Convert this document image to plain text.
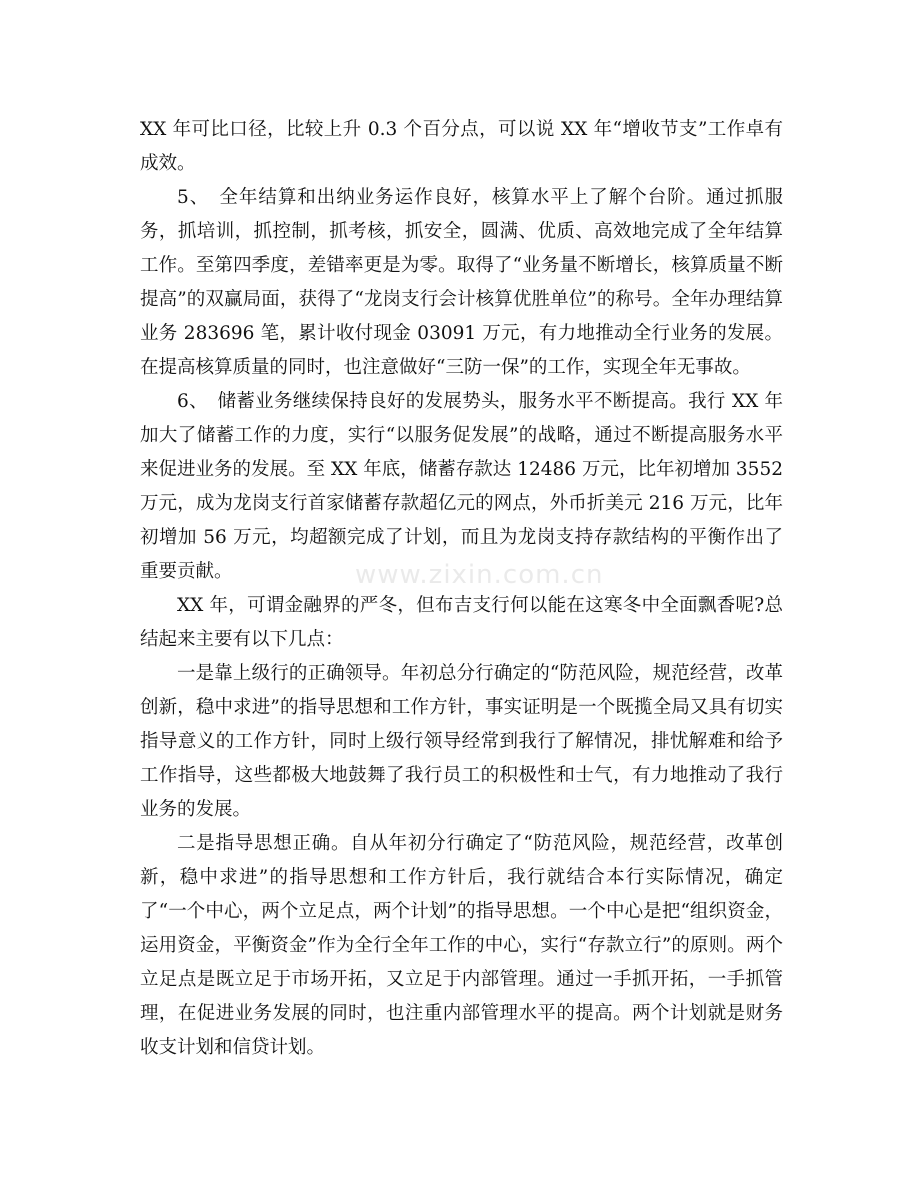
XX 年可比口径，比较上升 0.3 个百分点，可以说 XX 年“增收节支”工作卓有成效。

5、　全年结算和出纳业务运作良好，核算水平上了解个台阶。通过抓服务，抓培训，抓控制，抓考核，抓安全，圆满、优质、高效地完成了全年结算工作。至第四季度，差错率更是为零。取得了“业务量不断增长，核算质量不断提高”的双赢局面，获得了“龙岗支行会计核算优胜单位”的称号。全年办理结算业务 283696 笔，累计收付现金 03091 万元，有力地推动全行业务的发展。在提高核算质量的同时，也注意做好“三防一保”的工作，实现全年无事故。

6、　储蓄业务继续保持良好的发展势头，服务水平不断提高。我行 XX 年加大了储蓄工作的力度，实行“以服务促发展”的战略，通过不断提高服务水平来促进业务的发展。至 XX 年底，储蓄存款达 12486 万元，比年初增加 3552 万元，成为龙岗支行首家储蓄存款超亿元的网点，外币折美元 216 万元，比年初增加 56 万元，均超额完成了计划，而且为龙岗支持存款结构的平衡作出了重要贡献。

XX 年，可谓金融界的严冬，但布吉支行何以能在这寒冬中全面飘香呢?总结起来主要有以下几点：

一是靠上级行的正确领导。年初总分行确定的“防范风险，规范经营，改革创新，稳中求进”的指导思想和工作方针，事实证明是一个既揽全局又具有切实指导意义的工作方针，同时上级行领导经常到我行了解情况，排忧解难和给予工作指导，这些都极大地鼓舞了我行员工的积极性和士气，有力地推动了我行业务的发展。

二是指导思想正确。自从年初分行确定了“防范风险，规范经营，改革创新，稳中求进”的指导思想和工作方针后，我行就结合本行实际情况，确定了“一个中心，两个立足点，两个计划”的指导思想。一个中心是把“组织资金，运用资金，平衡资金”作为全行全年工作的中心，实行“存款立行”的原则。两个立足点是既立足于市场开拓，又立足于内部管理。通过一手抓开拓，一手抓管理，在促进业务发展的同时，也注重内部管理水平的提高。两个计划就是财务收支计划和信贷计划。

www.zixin.com.cn
